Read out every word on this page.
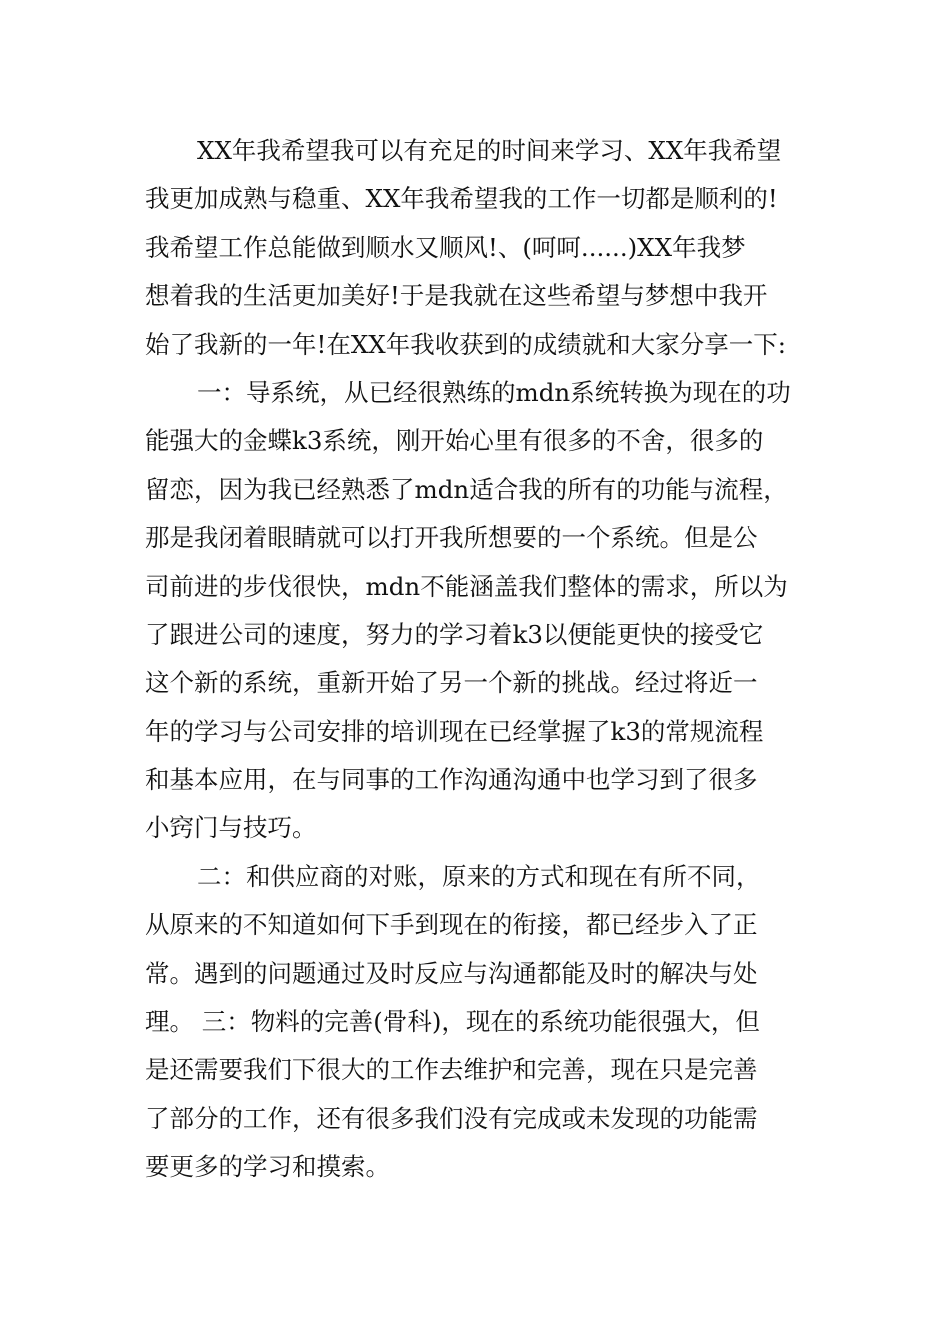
XX年我希望我可以有充足的时间来学习、XX年我希望
我更加成熟与稳重、XX年我希望我的工作一切都是顺利的!
我希望工作总能做到顺水又顺风!、(呵呵......)XX年我梦
想着我的生活更加美好!于是我就在这些希望与梦想中我开
始了我新的一年!在XX年我收获到的成绩就和大家分享一下:
一：导系统，从已经很熟练的mdn系统转换为现在的功
能强大的金蝶k3系统，刚开始心里有很多的不舍，很多的
留恋，因为我已经熟悉了mdn适合我的所有的功能与流程，
那是我闭着眼睛就可以打开我所想要的一个系统。但是公
司前进的步伐很快，mdn不能涵盖我们整体的需求，所以为
了跟进公司的速度，努力的学习着k3以便能更快的接受它
这个新的系统，重新开始了另一个新的挑战。经过将近一
年的学习与公司安排的培训现在已经掌握了k3的常规流程
和基本应用，在与同事的工作沟通沟通中也学习到了很多
小窍门与技巧。
二：和供应商的对账，原来的方式和现在有所不同，
从原来的不知道如何下手到现在的衔接，都已经步入了正
常。遇到的问题通过及时反应与沟通都能及时的解决与处
理。 三：物料的完善(骨科)，现在的系统功能很强大，但
是还需要我们下很大的工作去维护和完善，现在只是完善
了部分的工作，还有很多我们没有完成或未发现的功能需
要更多的学习和摸索。
